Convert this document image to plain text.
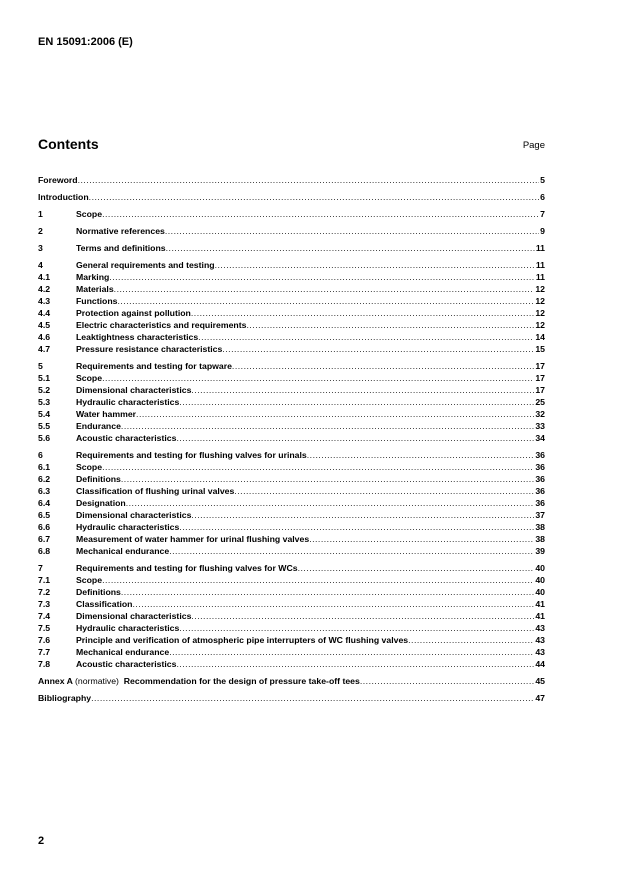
EN 15091:2006 (E)
Contents	Page
Foreword .....	5
Introduction .....	6
1	Scope .....	7
2	Normative references .....	9
3	Terms and definitions .....	11
4	General requirements and testing .....	11
4.1	Marking .....	11
4.2	Materials .....	12
4.3	Functions .....	12
4.4	Protection against pollution .....	12
4.5	Electric characteristics and requirements .....	12
4.6	Leaktightness characteristics .....	14
4.7	Pressure resistance characteristics .....	15
5	Requirements and testing for tapware .....	17
5.1	Scope .....	17
5.2	Dimensional characteristics .....	17
5.3	Hydraulic characteristics .....	25
5.4	Water hammer .....	32
5.5	Endurance .....	33
5.6	Acoustic characteristics .....	34
6	Requirements and testing for flushing valves for urinals .....	36
6.1	Scope .....	36
6.2	Definitions .....	36
6.3	Classification of flushing urinal valves .....	36
6.4	Designation .....	36
6.5	Dimensional characteristics .....	37
6.6	Hydraulic characteristics .....	38
6.7	Measurement of water hammer for urinal flushing valves .....	38
6.8	Mechanical endurance .....	39
7	Requirements and testing for flushing valves for WCs .....	40
7.1	Scope .....	40
7.2	Definitions .....	40
7.3	Classification .....	41
7.4	Dimensional characteristics .....	41
7.5	Hydraulic characteristics .....	43
7.6	Principle and verification of atmospheric pipe interrupters of WC flushing valves .....	43
7.7	Mechanical endurance .....	43
7.8	Acoustic characteristics .....	44
Annex A (normative) Recommendation for the design of pressure take-off tees .....	45
Bibliography .....	47
2
